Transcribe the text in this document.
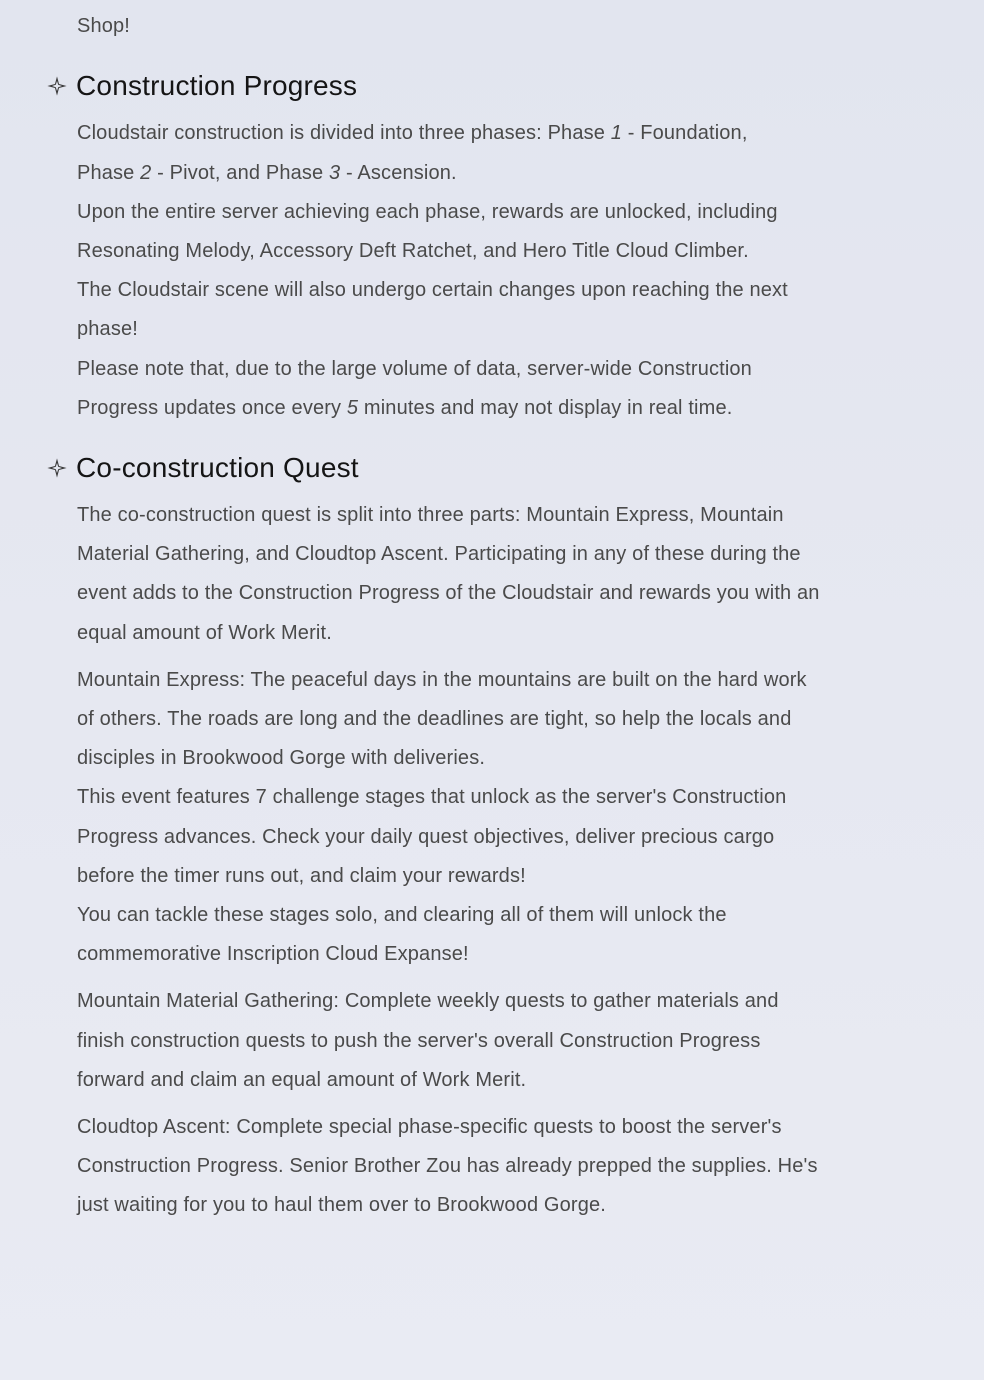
Shop!

Construction Progress

Cloudstair construction is divided into three phases: Phase 1 - Foundation,
Phase 2 - Pivot, and Phase 3 - Ascension.

Upon the entire server achieving each phase, rewards are unlocked, including Resonating Melody, Accessory Deft Ratchet, and Hero Title Cloud Climber.

The Cloudstair scene will also undergo certain changes upon reaching the next phase!

Please note that, due to the large volume of data, server-wide Construction Progress updates once every 5 minutes and may not display in real time.

Co-construction Quest

The co-construction quest is split into three parts: Mountain Express, Mountain Material Gathering, and Cloudtop Ascent. Participating in any of these during the event adds to the Construction Progress of the Cloudstair and rewards you with an equal amount of Work Merit.

Mountain Express: The peaceful days in the mountains are built on the hard work of others. The roads are long and the deadlines are tight, so help the locals and disciples in Brookwood Gorge with deliveries.

This event features 7 challenge stages that unlock as the server's Construction Progress advances. Check your daily quest objectives, deliver precious cargo before the timer runs out, and claim your rewards!

You can tackle these stages solo, and clearing all of them will unlock the commemorative Inscription Cloud Expanse!

Mountain Material Gathering: Complete weekly quests to gather materials and finish construction quests to push the server's overall Construction Progress forward and claim an equal amount of Work Merit.

Cloudtop Ascent: Complete special phase-specific quests to boost the server's Construction Progress. Senior Brother Zou has already prepped the supplies. He's just waiting for you to haul them over to Brookwood Gorge.
